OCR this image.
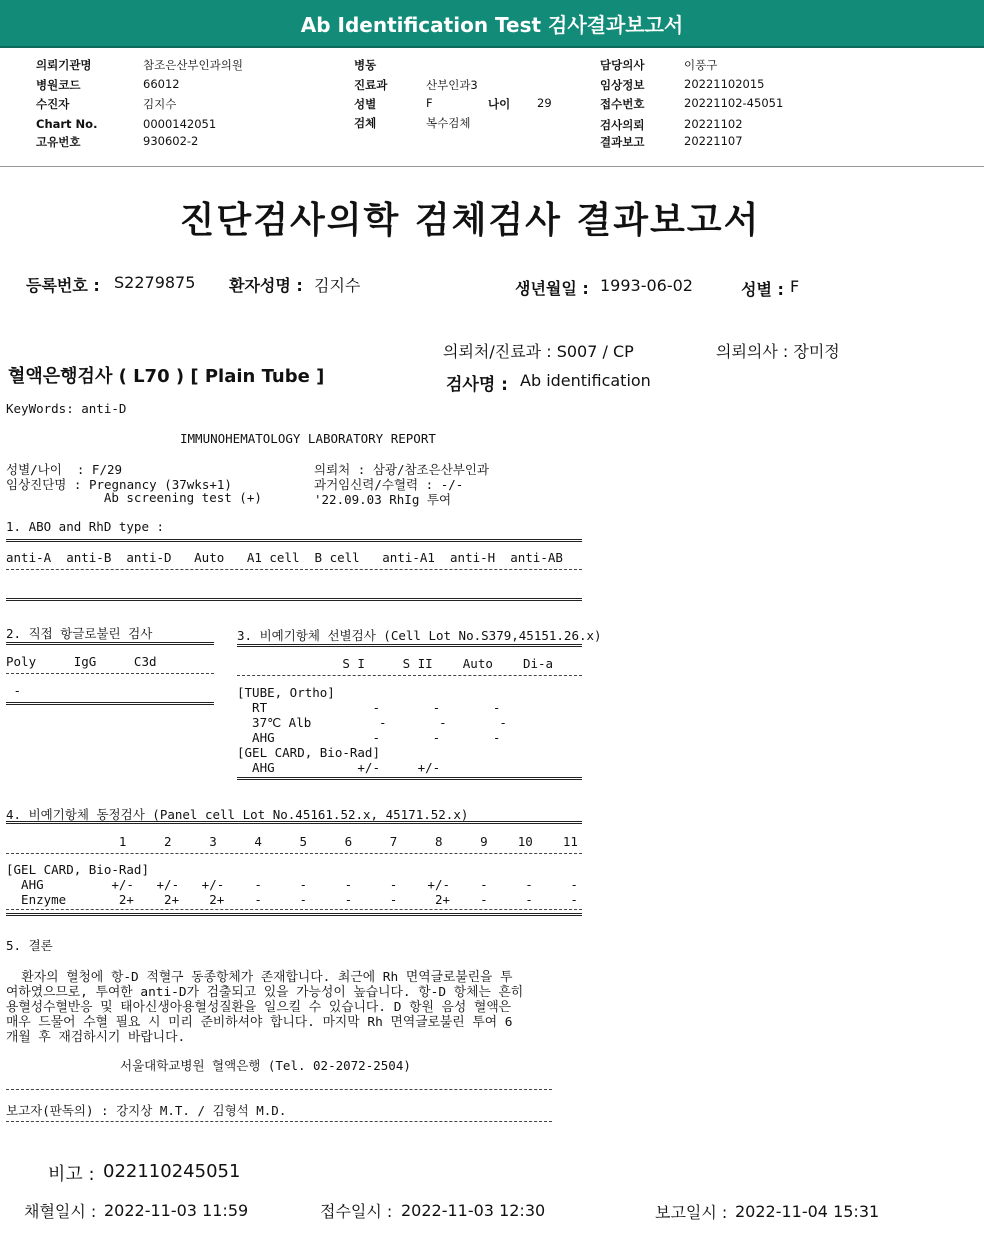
Ab Identification Test 검사결과보고서
의뢰기관명	참조은산부인과의원
병원코드	66012
수진자	김지수
Chart No.	0000142051
고유번호	930602-2
병동
진료과	산부인과3
성별	F	나이 29
검체	복수검체
담당의사	이풍구
임상정보	20221102015
접수번호	20221102-45051
검사의뢰	20221102
결과보고	20221107
진단검사의학 검체검사 결과보고서
등록번호 : S2279875 환자성명 : 김지수	생년월일 : 1993-06-02	성별 : F
의뢰처/진료과 : S007 / CP	의뢰의사 : 장미정
혈액은행검사 ( L70 ) [ Plain Tube ]	검사명 : Ab identification
KeyWords: anti-D
IMMUNOHEMATOLOGY LABORATORY REPORT
성별/나이  : F/29
임상진단명 : Pregnancy (37wks+1)
Ab screening test (+)
의뢰처 : 삼광/참조은산부인과
과거임신력/수혈력 : -/-
'22.09.03 RhIg 투여
1. ABO and RhD type :
anti-A  anti-B  anti-D   Auto   A1 cell  B cell   anti-A1  anti-H  anti-AB
2. 직접 항글로불린 검사
Poly     IgG     C3d
-
3. 비예기항체 선별검사 (Cell Lot No.S379,45151.26.x)
S I     S II    Auto    Di-a
[TUBE, Ortho]
RT              -       -       -
37℃ Alb         -       -       -
AHG             -       -       -
[GEL CARD, Bio-Rad]
AHG           +/-     +/-
4. 비예기항체 동정검사 (Panel cell Lot No.45161.52.x, 45171.52.x)
1     2     3     4     5     6     7     8     9    10    11
[GEL CARD, Bio-Rad]
AHG         +/-   +/-   +/-    -     -     -     -    +/-    -     -     -
Enzyme       2+    2+    2+    -     -     -     -     2+    -     -     -
5. 결론
환자의 혈청에 항-D 적혈구 동종항체가 존재합니다. 최근에 Rh 면역글로불린을 투
여하였으므로, 투여한 anti-D가 검출되고 있을 가능성이 높습니다. 항-D 항체는 흔히
용혈성수혈반응 및 태아신생아용혈성질환을 일으킬 수 있습니다. D 항원 음성 혈액은
매우 드물어 수혈 필요 시 미리 준비하셔야 합니다. 마지막 Rh 면역글로불린 투여 6
개월 후 재검하시기 바랍니다.
서울대학교병원 혈액은행 (Tel. 02-2072-2504)
보고자(판독의) : 강지상 M.T. / 김형석 M.D.
비고 : 022110245051
채혈일시 : 2022-11-03 11:59	접수일시 : 2022-11-03 12:30	보고일시 : 2022-11-04 15:31
